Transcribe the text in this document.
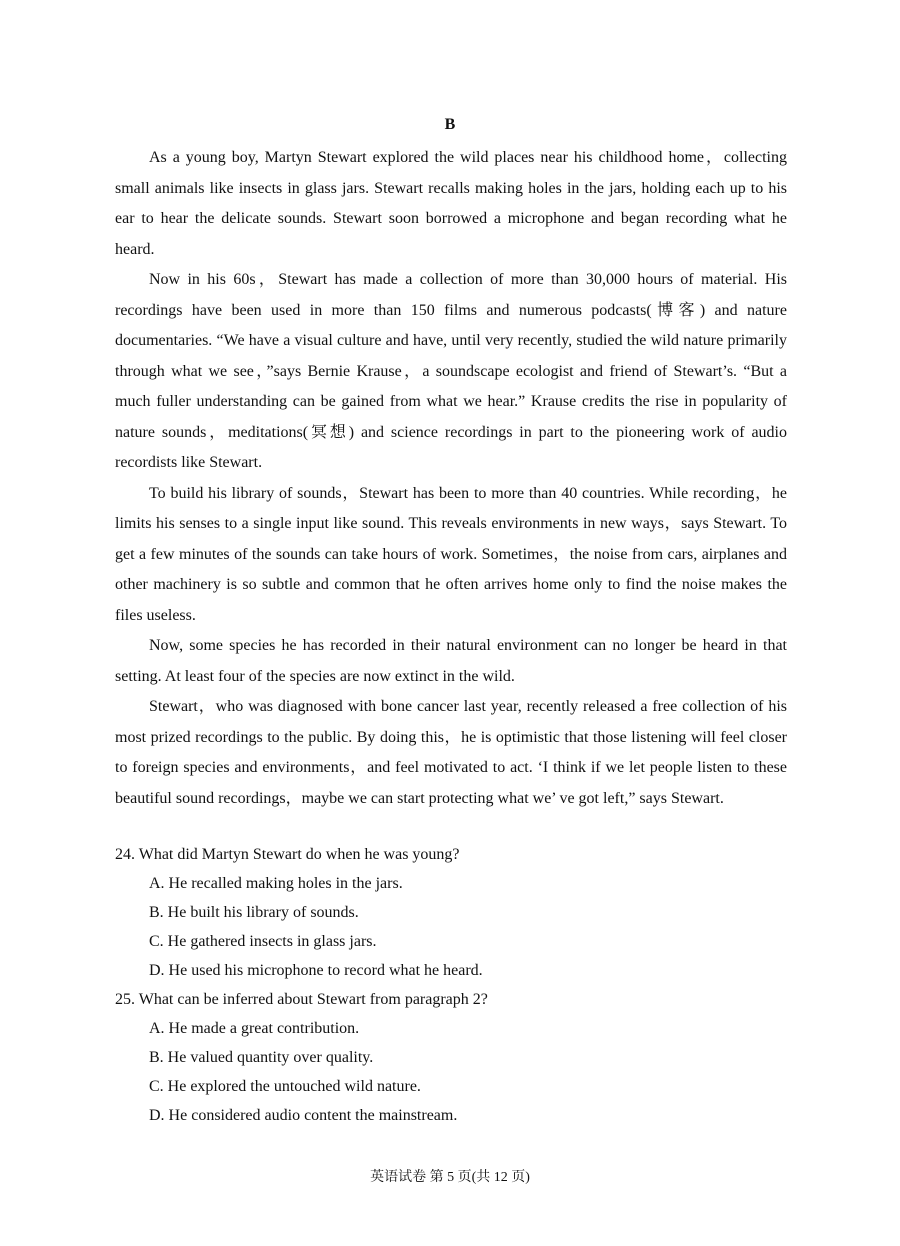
B

As a young boy, Martyn Stewart explored the wild places near his childhood home，collecting small animals like insects in glass jars. Stewart recalls making holes in the jars, holding each up to his ear to hear the delicate sounds. Stewart soon borrowed a microphone and began recording what he heard.

Now in his 60s，Stewart has made a collection of more than 30,000 hours of material. His recordings have been used in more than 150 films and numerous podcasts(博客) and nature documentaries. “We have a visual culture and have, until very recently, studied the wild nature primarily through what we see，”says Bernie Krause，a soundscape ecologist and friend of Stewart’s. “But a much fuller understanding can be gained from what we hear.” Krause credits the rise in popularity of nature sounds，meditations(冥想) and science recordings in part to the pioneering work of audio recordists like Stewart.

To build his library of sounds，Stewart has been to more than 40 countries. While recording，he limits his senses to a single input like sound. This reveals environments in new ways，says Stewart. To get a few minutes of the sounds can take hours of work. Sometimes，the noise from cars, airplanes and other machinery is so subtle and common that he often arrives home only to find the noise makes the files useless.

Now, some species he has recorded in their natural environment can no longer be heard in that setting. At least four of the species are now extinct in the wild.

Stewart，who was diagnosed with bone cancer last year, recently released a free collection of his most prized recordings to the public. By doing this，he is optimistic that those listening will feel closer to foreign species and environments，and feel motivated to act. ‘I think if we let people listen to these beautiful sound recordings，maybe we can start protecting what we’ ve got left,” says Stewart.

24. What did Martyn Stewart do when he was young?

A. He recalled making holes in the jars.

B. He built his library of sounds.

C. He gathered insects in glass jars.

D. He used his microphone to record what he heard.

25. What can be inferred about Stewart from paragraph 2?

A. He made a great contribution.

B. He valued quantity over quality.

C. He explored the untouched wild nature.

D. He considered audio content the mainstream.

英语试卷 第 5 页(共 12 页)
